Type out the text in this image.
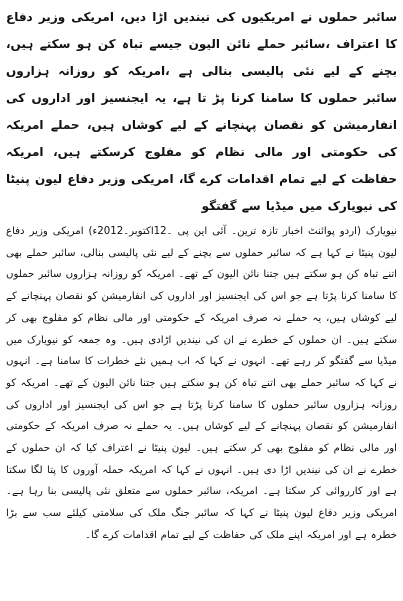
سائبر حملوں نے امریکیوں کی نیندیں اڑا دیں، امریکی وزیر دفاع کا اعتراف ،سائبر حملے نائن الیون جیسے تباہ کن ہو سکتے ہیں، بچنے کے لیے نئی پالیسی بنالی ہے ،امریکہ کو روزانہ ہزاروں سائبر حملوں کا سامنا کرنا پڑ تا ہے، یہ ایجنسیز اور اداروں کی انفارمیشن کو نقصان پہنچانے کے لیے کوشاں ہیں، حملے امریکہ کی حکومتی اور مالی نظام کو مفلوج کرسکتے ہیں، امریکہ حفاظت کے لیے تمام اقدامات کرے گا، امریکی وزیر دفاع لیون پنیٹا کی نیویارک میں میڈیا سے گفتگو

نیویارک (اردو پوائنٹ اخبار تازہ ترین۔ آئی این پی ۔12اکتوبر۔2012ء) امریکی وزیر دفاع لیون پنیٹا نے کہا ہے کہ سائبر حملوں سے بچنے کے لیے نئی پالیسی بنالی، سائبر حملے بھی اتنے تباہ کن ہو سکتے ہیں جتنا نائن الیون کے تھے۔ امریکہ کو روزانہ ہزاروں سائبر حملوں کا سامنا کرنا پڑتا ہے جو اس کی ایجنسیز اور اداروں کی انفارمیشن کو نقصان پہنچانے کے لیے کوشاں ہیں، یہ حملے نہ صرف امریکہ کے حکومتی اور مالی نظام کو مفلوج بھی کر سکتے ہیں۔ ان حملوں کے خطرے نے ان کی نیندیں اڑادی ہیں۔ وہ جمعہ کو نیویارک میں میڈیا سے گفتگو کر رہے تھے۔ انہوں نے کہا کہ اب ہمیں نئے خطرات کا سامنا ہے۔ انہوں نے کہا کہ سائبر حملے بھی اتنے تباہ کن ہو سکتے ہیں جتنا نائن الیون کے تھے۔ امریکہ کو روزانہ ہزاروں سائبر حملوں کا سامنا کرنا پڑتا ہے جو اس کی ایجنسیز اور اداروں کی انفارمیشن کو نقصان پہنچانے کے لیے کوشاں ہیں۔ یہ حملے نہ صرف امریکہ کے حکومتی اور مالی نظام کو مفلوج بھی کر سکتے ہیں۔ لیون پنیٹا نے اعتراف کیا کہ ان حملوں کے خطرے نے ان کی نیندیں اڑا دی ہیں۔ انہوں نے کہا کہ امریکہ حملہ آوروں کا پتا لگا سکتا ہے اور کارروائی کر سکتا ہے۔ امریکہ، سائبر حملوں سے متعلق نئی پالیسی بنا رہا ہے۔ امریکی وزیر دفاع لیون پنیٹا نے کہا کہ سائبر جنگ ملک کی سلامتی کیلئے سب سے بڑا خطرہ ہے اور امریکہ اپنے ملک کی حفاظت کے لیے تمام اقدامات کرے گا۔
